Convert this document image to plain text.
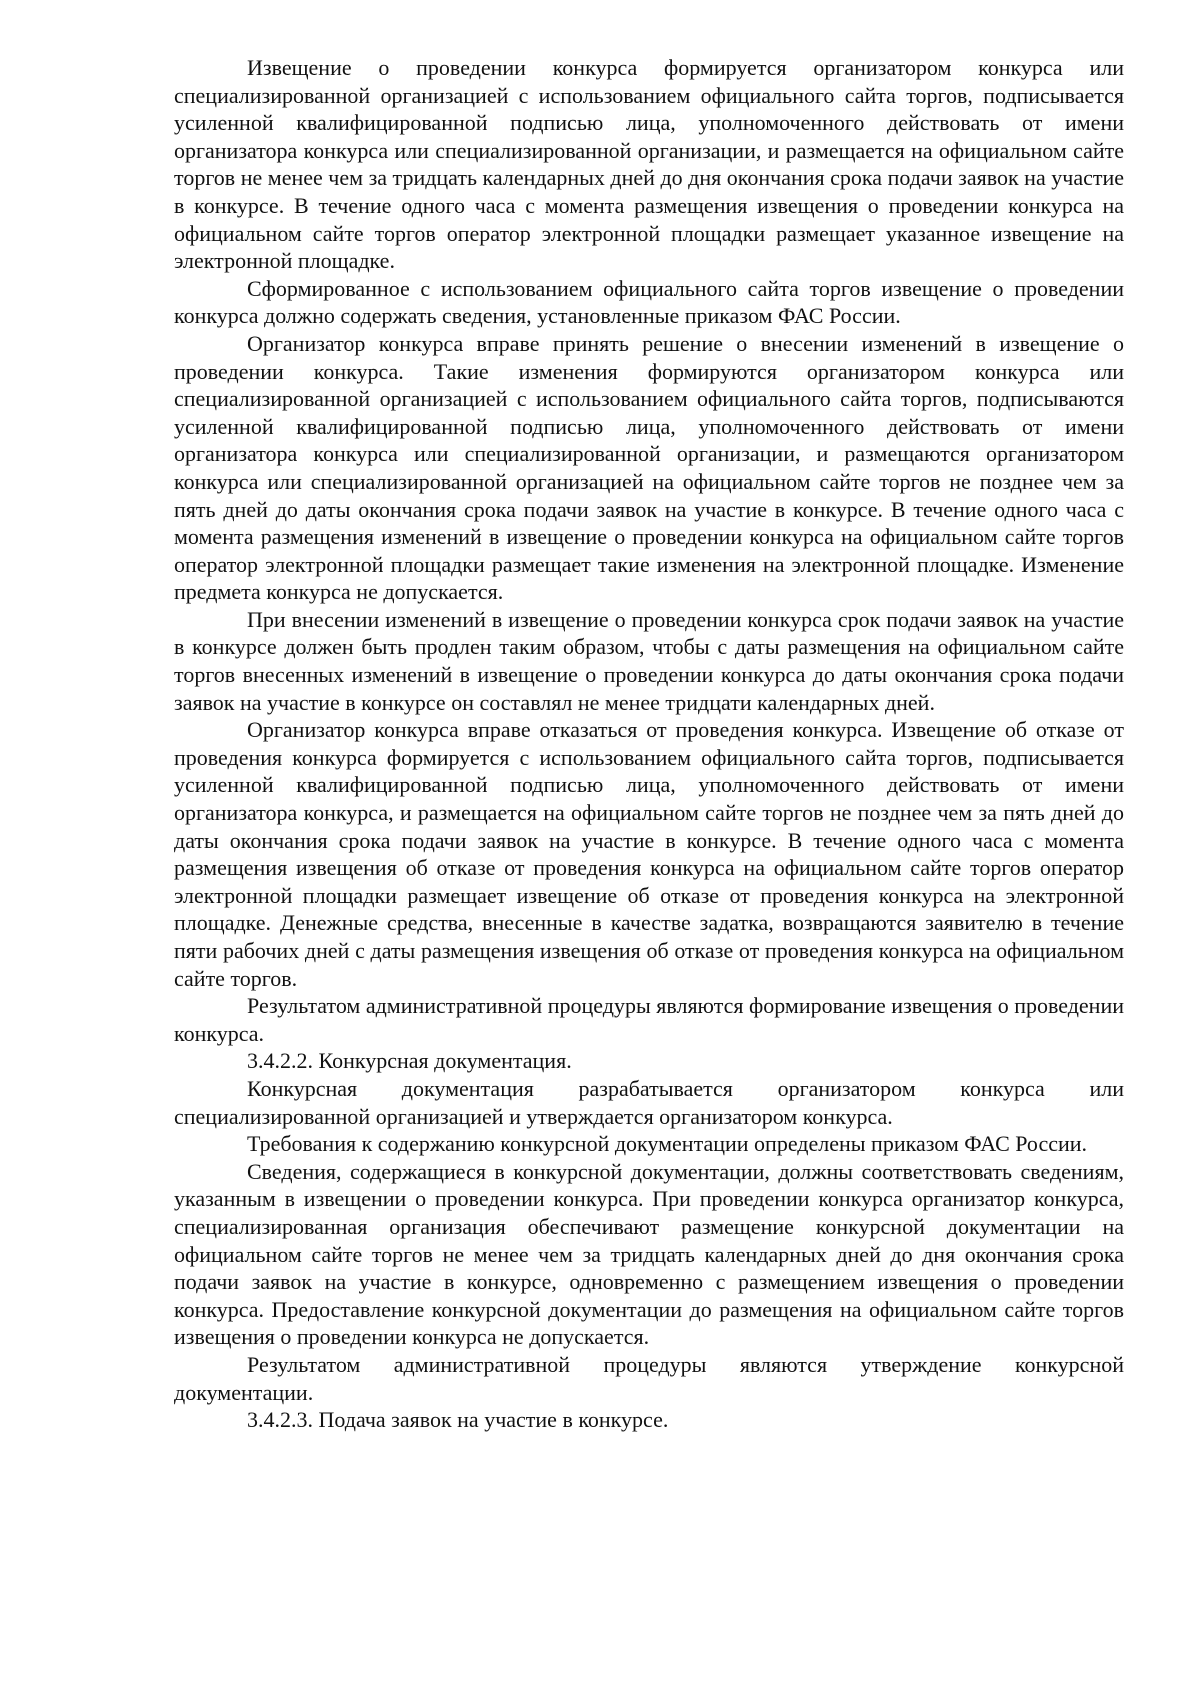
Извещение о проведении конкурса формируется организатором конкурса или специализированной организацией с использованием официального сайта торгов, подписывается усиленной квалифицированной подписью лица, уполномоченного действовать от имени организатора конкурса или специализированной организации, и размещается на официальном сайте торгов не менее чем за тридцать календарных дней до дня окончания срока подачи заявок на участие в конкурсе. В течение одного часа с момента размещения извещения о проведении конкурса на официальном сайте торгов оператор электронной площадки размещает указанное извещение на электронной площадке.

Сформированное с использованием официального сайта торгов извещение о проведении конкурса должно содержать сведения, установленные приказом ФАС России.

Организатор конкурса вправе принять решение о внесении изменений в извещение о проведении конкурса. Такие изменения формируются организатором конкурса или специализированной организацией с использованием официального сайта торгов, подписываются усиленной квалифицированной подписью лица, уполномоченного действовать от имени организатора конкурса или специализированной организации, и размещаются организатором конкурса или специализированной организацией на официальном сайте торгов не позднее чем за пять дней до даты окончания срока подачи заявок на участие в конкурсе. В течение одного часа с момента размещения изменений в извещение о проведении конкурса на официальном сайте торгов оператор электронной площадки размещает такие изменения на электронной площадке. Изменение предмета конкурса не допускается.

При внесении изменений в извещение о проведении конкурса срок подачи заявок на участие в конкурсе должен быть продлен таким образом, чтобы с даты размещения на официальном сайте торгов внесенных изменений в извещение о проведении конкурса до даты окончания срока подачи заявок на участие в конкурсе он составлял не менее тридцати календарных дней.

Организатор конкурса вправе отказаться от проведения конкурса. Извещение об отказе от проведения конкурса формируется с использованием официального сайта торгов, подписывается усиленной квалифицированной подписью лица, уполномоченного действовать от имени организатора конкурса, и размещается на официальном сайте торгов не позднее чем за пять дней до даты окончания срока подачи заявок на участие в конкурсе. В течение одного часа с момента размещения извещения об отказе от проведения конкурса на официальном сайте торгов оператор электронной площадки размещает извещение об отказе от проведения конкурса на электронной площадке. Денежные средства, внесенные в качестве задатка, возвращаются заявителю в течение пяти рабочих дней с даты размещения извещения об отказе от проведения конкурса на официальном сайте торгов.

Результатом административной процедуры являются формирование извещения о проведении конкурса.

3.4.2.2. Конкурсная документация.

Конкурсная документация разрабатывается организатором конкурса или специализированной организацией и утверждается организатором конкурса.

Требования к содержанию конкурсной документации определены приказом ФАС России.

Сведения, содержащиеся в конкурсной документации, должны соответствовать сведениям, указанным в извещении о проведении конкурса. При проведении конкурса организатор конкурса, специализированная организация обеспечивают размещение конкурсной документации на официальном сайте торгов не менее чем за тридцать календарных дней до дня окончания срока подачи заявок на участие в конкурсе, одновременно с размещением извещения о проведении конкурса. Предоставление конкурсной документации до размещения на официальном сайте торгов извещения о проведении конкурса не допускается.

Результатом административной процедуры являются утверждение конкурсной документации.

3.4.2.3. Подача заявок на участие в конкурсе.
